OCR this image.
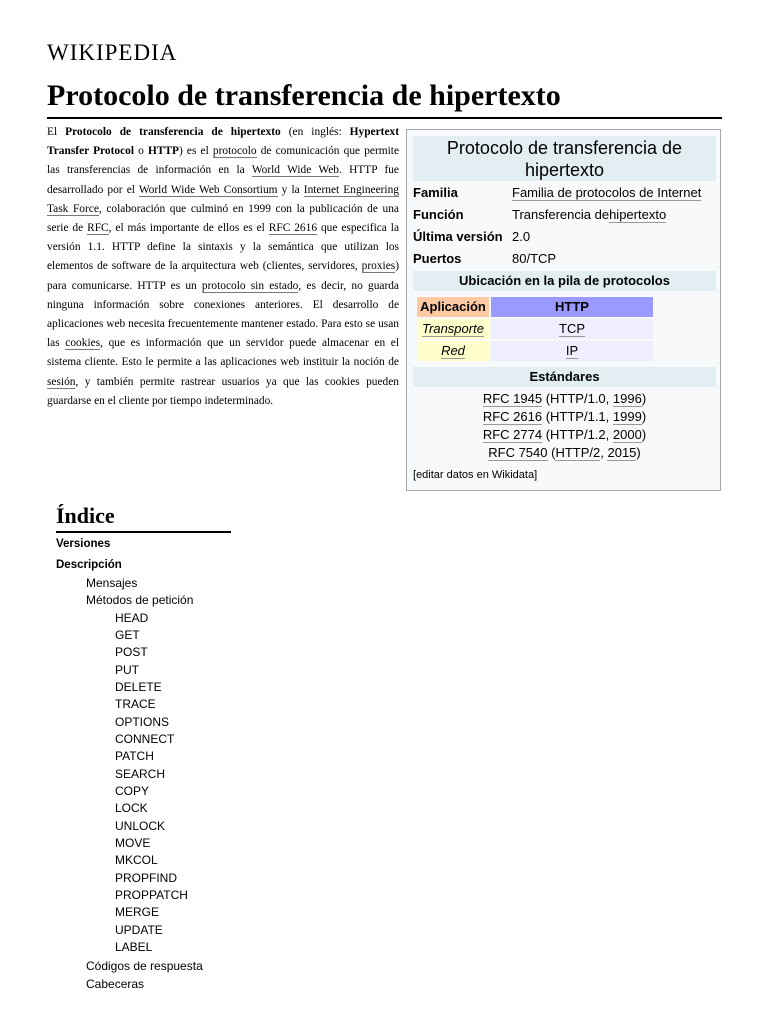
WIKIPEDIA
Protocolo de transferencia de hipertexto
El Protocolo de transferencia de hipertexto (en inglés: Hypertext Transfer Protocol o HTTP) es el protocolo de comunicación que permite las transferencias de información en la World Wide Web. HTTP fue desarrollado por el World Wide Web Consortium y la Internet Engineering Task Force, colaboración que culminó en 1999 con la publicación de una serie de RFC, el más importante de ellos es el RFC 2616 que especifica la versión 1.1. HTTP define la sintaxis y la semántica que utilizan los elementos de software de la arquitectura web (clientes, servidores, proxies) para comunicarse. HTTP es un protocolo sin estado, es decir, no guarda ninguna información sobre conexiones anteriores. El desarrollo de aplicaciones web necesita frecuentemente mantener estado. Para esto se usan las cookies, que es información que un servidor puede almacenar en el sistema cliente. Esto le permite a las aplicaciones web instituir la noción de sesión, y también permite rastrear usuarios ya que las cookies pueden guardarse en el cliente por tiempo indeterminado.
Protocolo de transferencia de hipertexto
Familia	Familia de protocolos de Internet
Función	Transferencia dehipertexto
Última versión 2.0
Puertos	80/TCP
Ubicación en la pila de protocolos
Aplicación	HTTP
Transporte	TCP
Red	IP
Estándares
RFC 1945 (HTTP/1.0, 1996)
RFC 2616 (HTTP/1.1, 1999)
RFC 2774 (HTTP/1.2, 2000)
RFC 7540 (HTTP/2, 2015)
[editar datos en Wikidata]
Índice
Versiones
Descripción
Mensajes
Métodos de petición
HEAD
GET
POST
PUT
DELETE
TRACE
OPTIONS
CONNECT
PATCH
SEARCH
COPY
LOCK
UNLOCK
MOVE
MKCOL
PROPFIND
PROPPATCH
MERGE
UPDATE
LABEL
Códigos de respuesta
Cabeceras
